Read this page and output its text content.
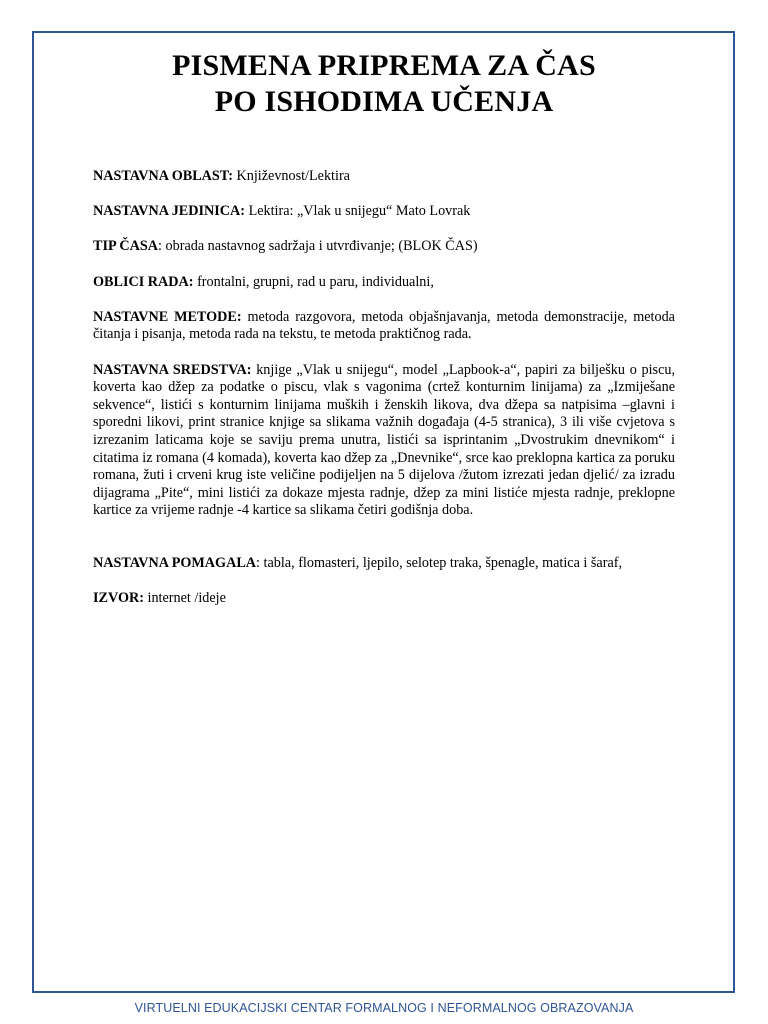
PISMENA PRIPREMA ZA ČAS
PO ISHODIMA UČENJA

NASTAVNA OBLAST: Književnost/Lektira

NASTAVNA JEDINICA: Lektira: „Vlak u snijegu“ Mato Lovrak

TIP ČASA: obrada nastavnog sadržaja i utvrđivanje; (BLOK ČAS)

OBLICI RADA: frontalni, grupni, rad u paru, individualni,

NASTAVNE METODE: metoda razgovora, metoda objašnjavanja, metoda demonstracije, metoda čitanja i pisanja, metoda rada na tekstu, te metoda praktičnog rada.

NASTAVNA SREDSTVA: knjige „Vlak u snijegu“, model „Lapbook-a“, papiri za bilješku o piscu, koverta kao džep za podatke o piscu, vlak s vagonima (crtež konturnim linijama) za „Izmiješane sekvence“, listići s konturnim linijama muških i ženskih likova, dva džepa sa natpisima –glavni i sporedni likovi, print stranice knjige sa slikama važnih događaja (4-5 stranica), 3 ili više cvjetova s izrezanim laticama koje se saviju prema unutra, listići sa isprintanim „Dvostrukim dnevnikom“ i citatima iz romana (4 komada), koverta kao džep za „Dnevnike“, srce kao preklopna kartica za poruku romana, žuti i crveni krug iste veličine podijeljen na 5 dijelova /žutom izrezati jedan djelić/ za izradu dijagrama „Pite“, mini listići za dokaze mjesta radnje, džep za mini listiće mjesta radnje, preklopne kartice za vrijeme radnje -4 kartice sa slikama četiri godišnja doba.

NASTAVNA POMAGALA: tabla, flomasteri, ljepilo, selotep traka, špenagle, matica i šaraf,

IZVOR: internet /ideje

VIRTUELNI EDUKACIJSKI CENTAR FORMALNOG I NEFORMALNOG OBRAZOVANJA
